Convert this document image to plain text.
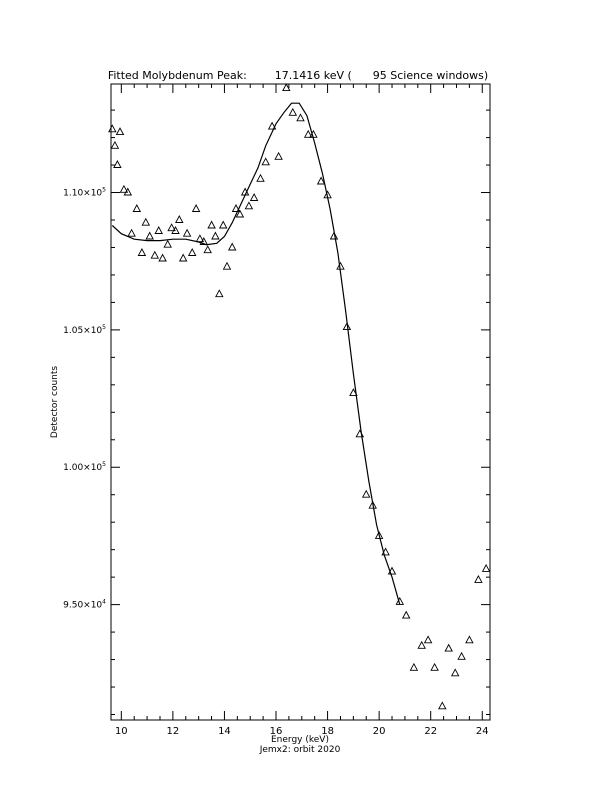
Fitted Molybdenum Peak:        17.1416 keV (      95 Science windows)
10	12	14	16	18	20	22	24
$9.50\times 10^4$
$1.00\times 10^5$
$1.05\times 10^5$
$1.10\times 10^5$
Detector counts
Energy (keV)
Jemx2: orbit 2020
